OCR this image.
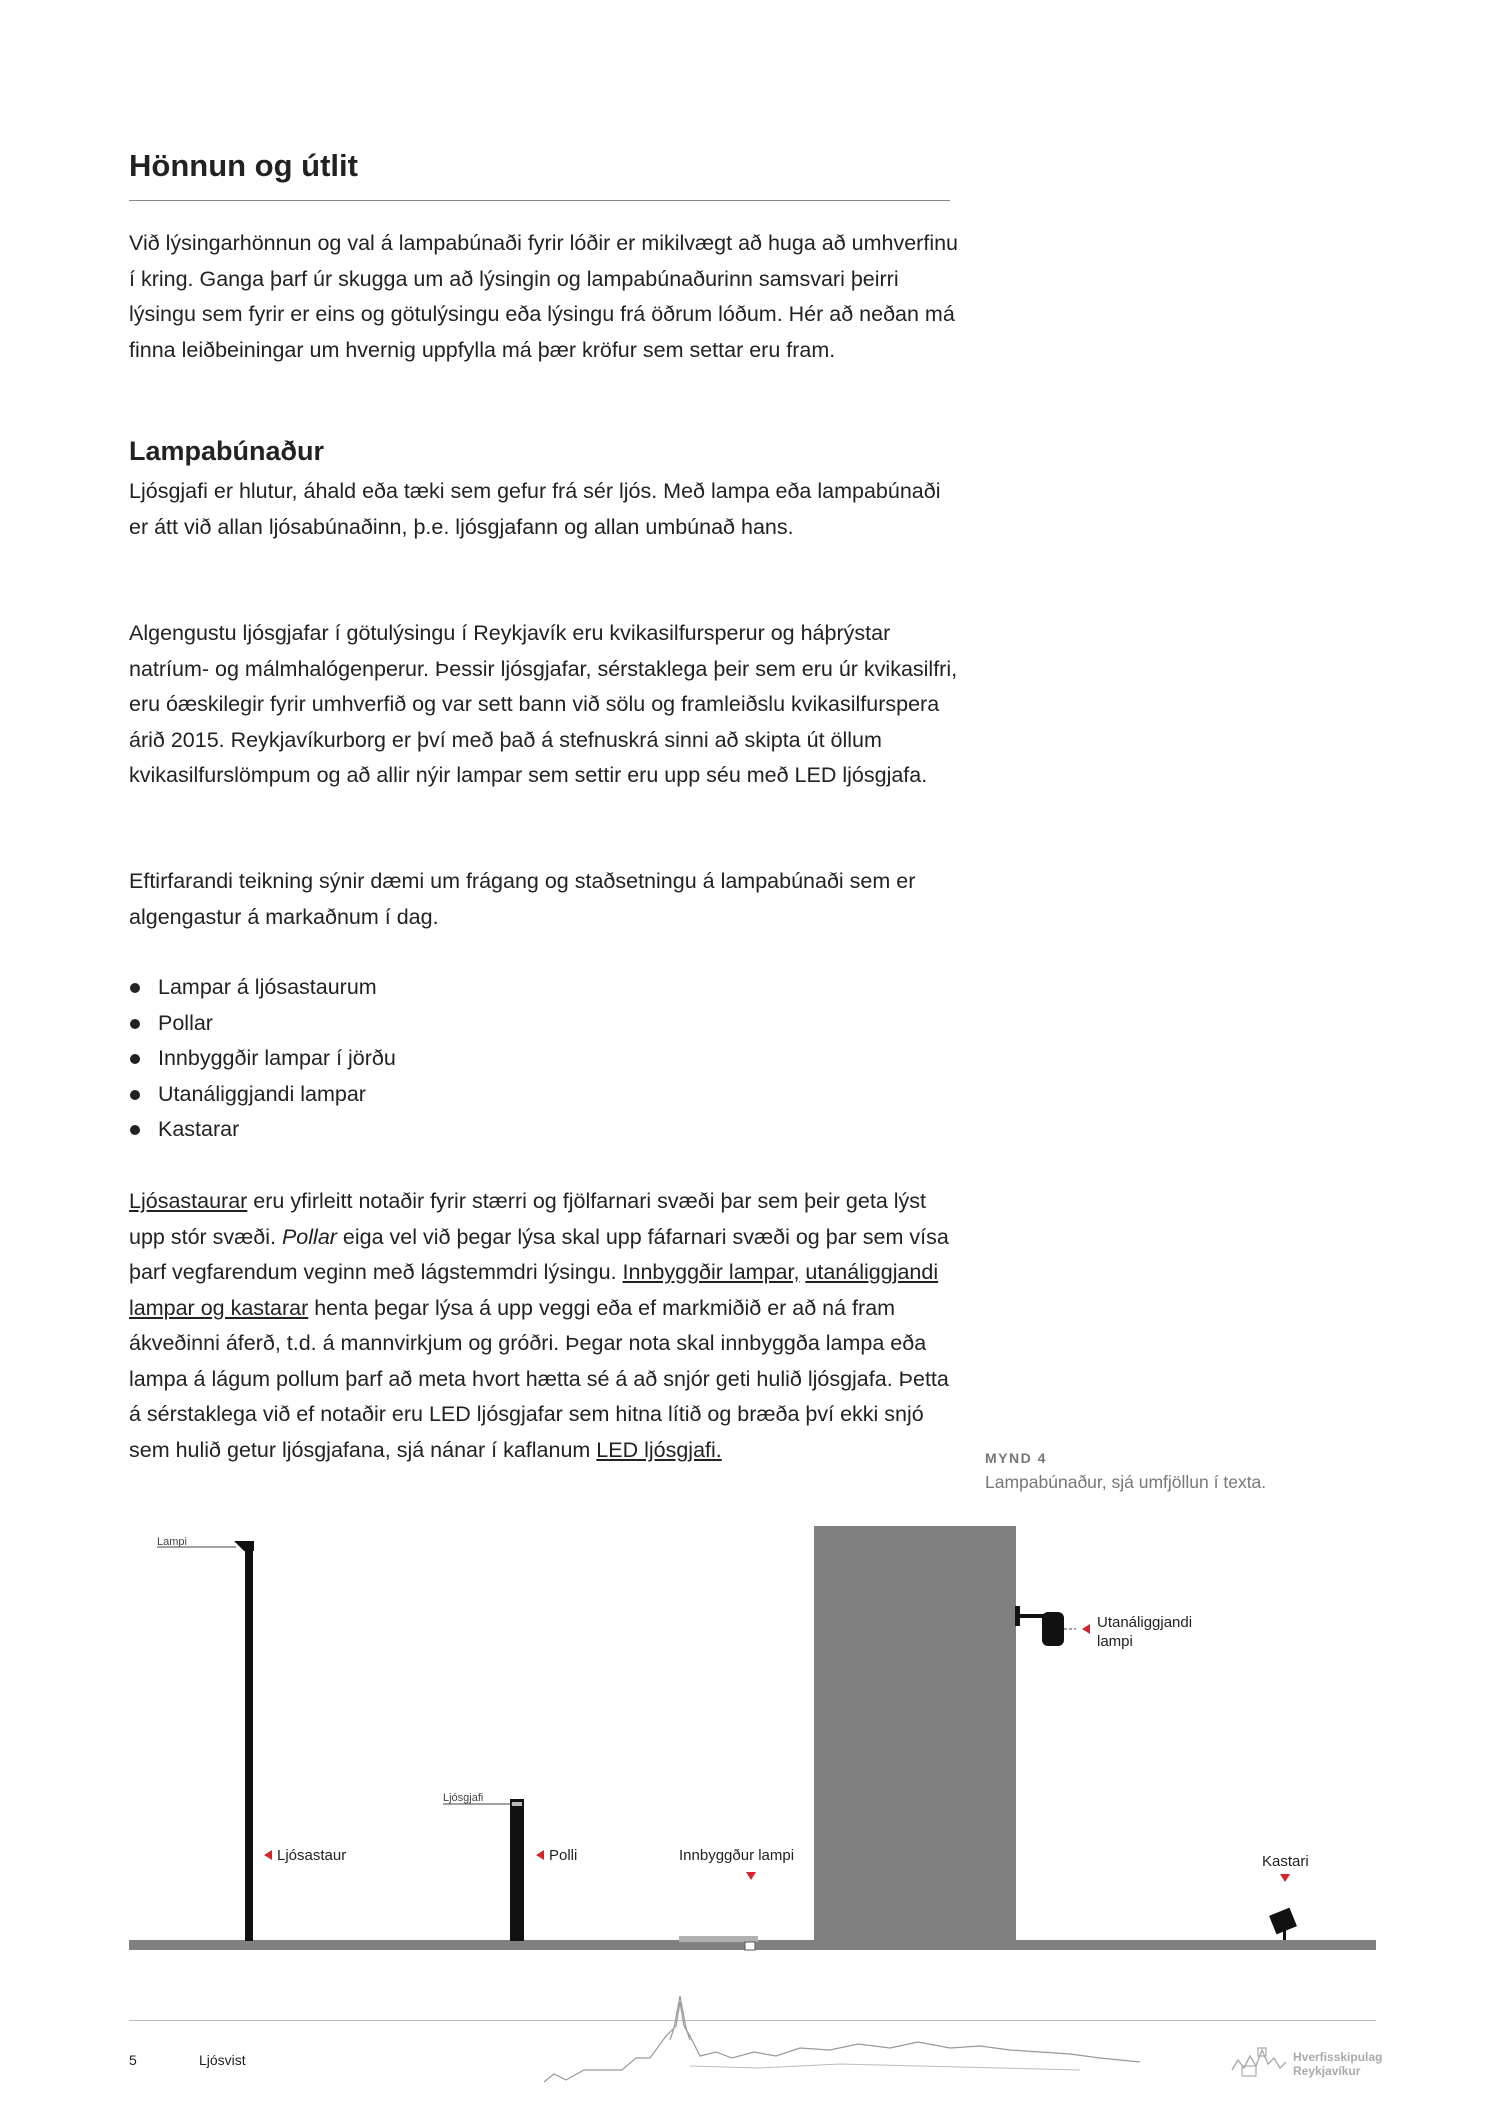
Hönnun og útlit

Við lýsingarhönnun og val á lampabúnaði fyrir lóðir er mikilvægt að huga að umhverfinu í kring. Ganga þarf úr skugga um að lýsingin og lampabúnaðurinn samsvari þeirri lýsingu sem fyrir er eins og götulýsingu eða lýsingu frá öðrum lóðum. Hér að neðan má finna leiðbeiningar um hvernig uppfylla má þær kröfur sem settar eru fram.

Lampabúnaður

Ljósgjafi er hlutur, áhald eða tæki sem gefur frá sér ljós. Með lampa eða lampabúnaði er átt við allan ljósabúnaðinn, þ.e. ljósgjafann og allan umbúnað hans.

Algengustu ljósgjafar í götulýsingu í Reykjavík eru kvikasilfursperur og háþrýstar natríum- og málmhalógenperur. Þessir ljósgjafar, sérstaklega þeir sem eru úr kvikasilfri, eru óæskilegir fyrir umhverfið og var sett bann við sölu og framleiðslu kvikasilfurspera árið 2015. Reykjavíkurborg er því með það á stefnuskrá sinni að skipta út öllum kvikasilfurslömpum og að allir nýir lampar sem settir eru upp séu með LED ljósgjafa.

Eftirfarandi teikning sýnir dæmi um frágang og staðsetningu á lampabúnaði sem er algengastur á markaðnum í dag.

Lampar á ljósastaurum
Pollar
Innbyggðir lampar í jörðu
Utanáliggjandi lampar
Kastarar

Ljósastaurar eru yfirleitt notaðir fyrir stærri og fjölfarnari svæði þar sem þeir geta lýst upp stór svæði. Pollar eiga vel við þegar lýsa skal upp fáfarnari svæði og þar sem vísa þarf vegfarendum veginn með lágstemmdri lýsingu. Innbyggðir lampar, utanáliggjandi lampar og kastarar henta þegar lýsa á upp veggi eða ef markmiðið er að ná fram ákveðinni áferð, t.d. á mannvirkjum og gróðri. Þegar nota skal innbyggða lampa eða lampa á lágum pollum þarf að meta hvort hætta sé á að snjór geti hulið ljósgjafa. Þetta á sérstaklega við ef notaðir eru LED ljósgjafar sem hitna lítið og bræða því ekki snjó sem hulið getur ljósgjafana, sjá nánar í kaflanum LED ljósgjafi.	MYND 4
Lampabúnaður, sjá umfjöllun í texta.
Lampi
Ljósastaur
Ljósgjafi
Polli	Innbyggður lampi
Utanáliggjandi
lampi
Kastari
5	Ljósvist	Hverfisskipulag
Reykjavíkur
